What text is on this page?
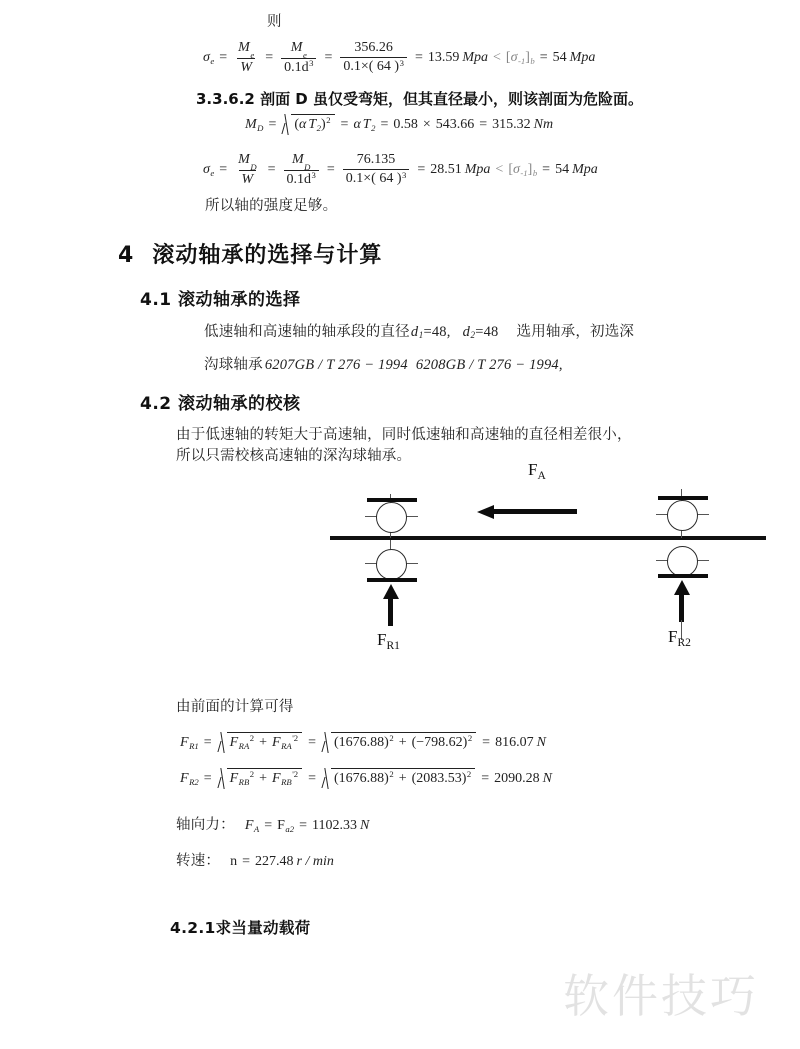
则
σ $e = \frac{M_e}{W} = \frac{M_e}{0.1d^3} = \frac{356.26}{0.1\times( 64 )^3} = 13.59$ Mpa < [ σ -1 ] b = 54 Mpa
3.3.6.2 剖面 D 虽仅受弯矩，但其直径最小，则该剖面为危险面。
M D = ( α T 2 ) 2 = α T 2 = 0.58 × 543.66 = 315.32 Nm
σ $e = \frac{M_D}{W} = \frac{M_D}{0.1d^3} = \frac{76.135}{0.1\times( 64 )^3} = 28.51$ Mpa < [ σ -1 ] b = 54 Mpa
所以轴的强度足够。
4 滚动轴承的选择与计算
4.1 滚动轴承的选择
低速轴和高速轴的轴承段的直径 d 1 =48, d 2 =48 选用轴承，初选深
沟球轴承 6207GB / T 276 − 1994 6208GB / T 276 − 1994,
4.2 滚动轴承的校核
由于低速轴的转矩大于高速轴，同时低速轴和高速轴的直径相差很小，
所以只需校核高速轴的深沟球轴承。
$F_A$
$F_{R1}$	$F_{R2}$
由前面的计算可得
F R1 = F RA
2 + F RA
'2 = (1676.88) 2 + (−798.62) 2 = 816.07 N
F R2 = F RB
2 + F RB
'2 = (1676.88) 2 + (2083.53) 2 = 2090.28 N
轴向力： F A = F a2 = 1102.33 N
转速： n = 227.48 r / min
4.2.1求当量动载荷
软件技巧
